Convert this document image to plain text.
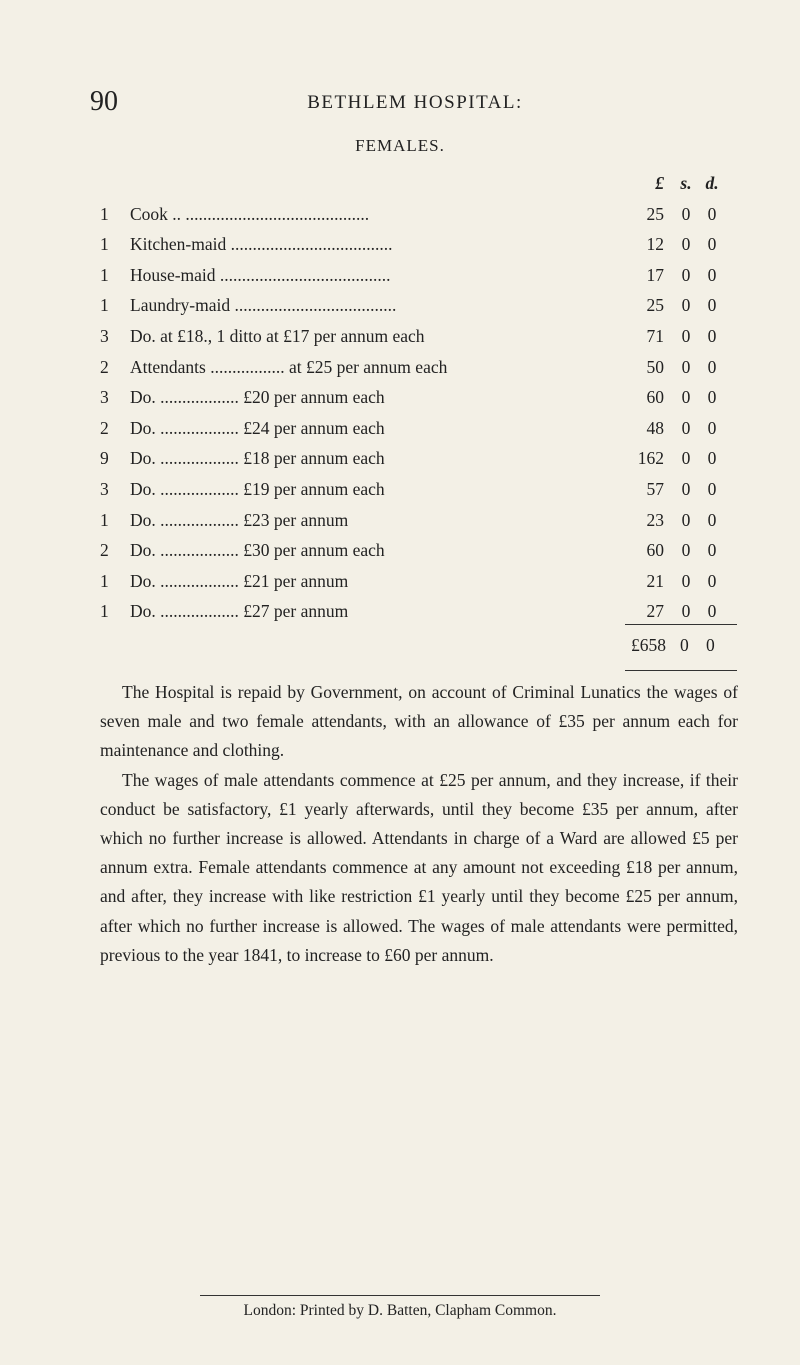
90	BETHLEM HOSPITAL:
FEMALES.
£ s. d.
1	Cook .. ..........................................	25	0 0
1	Kitchen-maid .....................................	12	0 0
1	House-maid .......................................	17	0 0
1	Laundry-maid .....................................	25	0 0
3	Do. at £18., 1 ditto at £17 per annum each	71	0 0
2	Attendants ................. at £25 per annum each	50	0 0
3	Do. .................. £20 per annum each	60	0 0
2	Do. .................. £24 per annum each	48	0 0
9	Do. .................. £18 per annum each	162	0 0
3	Do. .................. £19 per annum each	57	0 0
1	Do. .................. £23 per annum	23	0 0
2	Do. .................. £30 per annum each	60	0 0
1	Do. .................. £21 per annum	21	0 0
1	Do. .................. £27 per annum	27	0 0
£658 0 0

The Hospital is repaid by Government, on account of Criminal Lunatics the wages of seven male and two female attendants, with an allowance of £35 per annum each for maintenance and clothing.

The wages of male attendants commence at £25 per annum, and they increase, if their conduct be satisfactory, £1 yearly afterwards, until they become £35 per annum, after which no further increase is allowed. Attendants in charge of a Ward are allowed £5 per annum extra. Female attendants commence at any amount not exceeding £18 per annum, and after, they increase with like restriction £1 yearly until they become £25 per annum, after which no further increase is allowed. The wages of male attendants were permitted, previous to the year 1841, to increase to £60 per annum.

London: Printed by D. Batten, Clapham Common.
